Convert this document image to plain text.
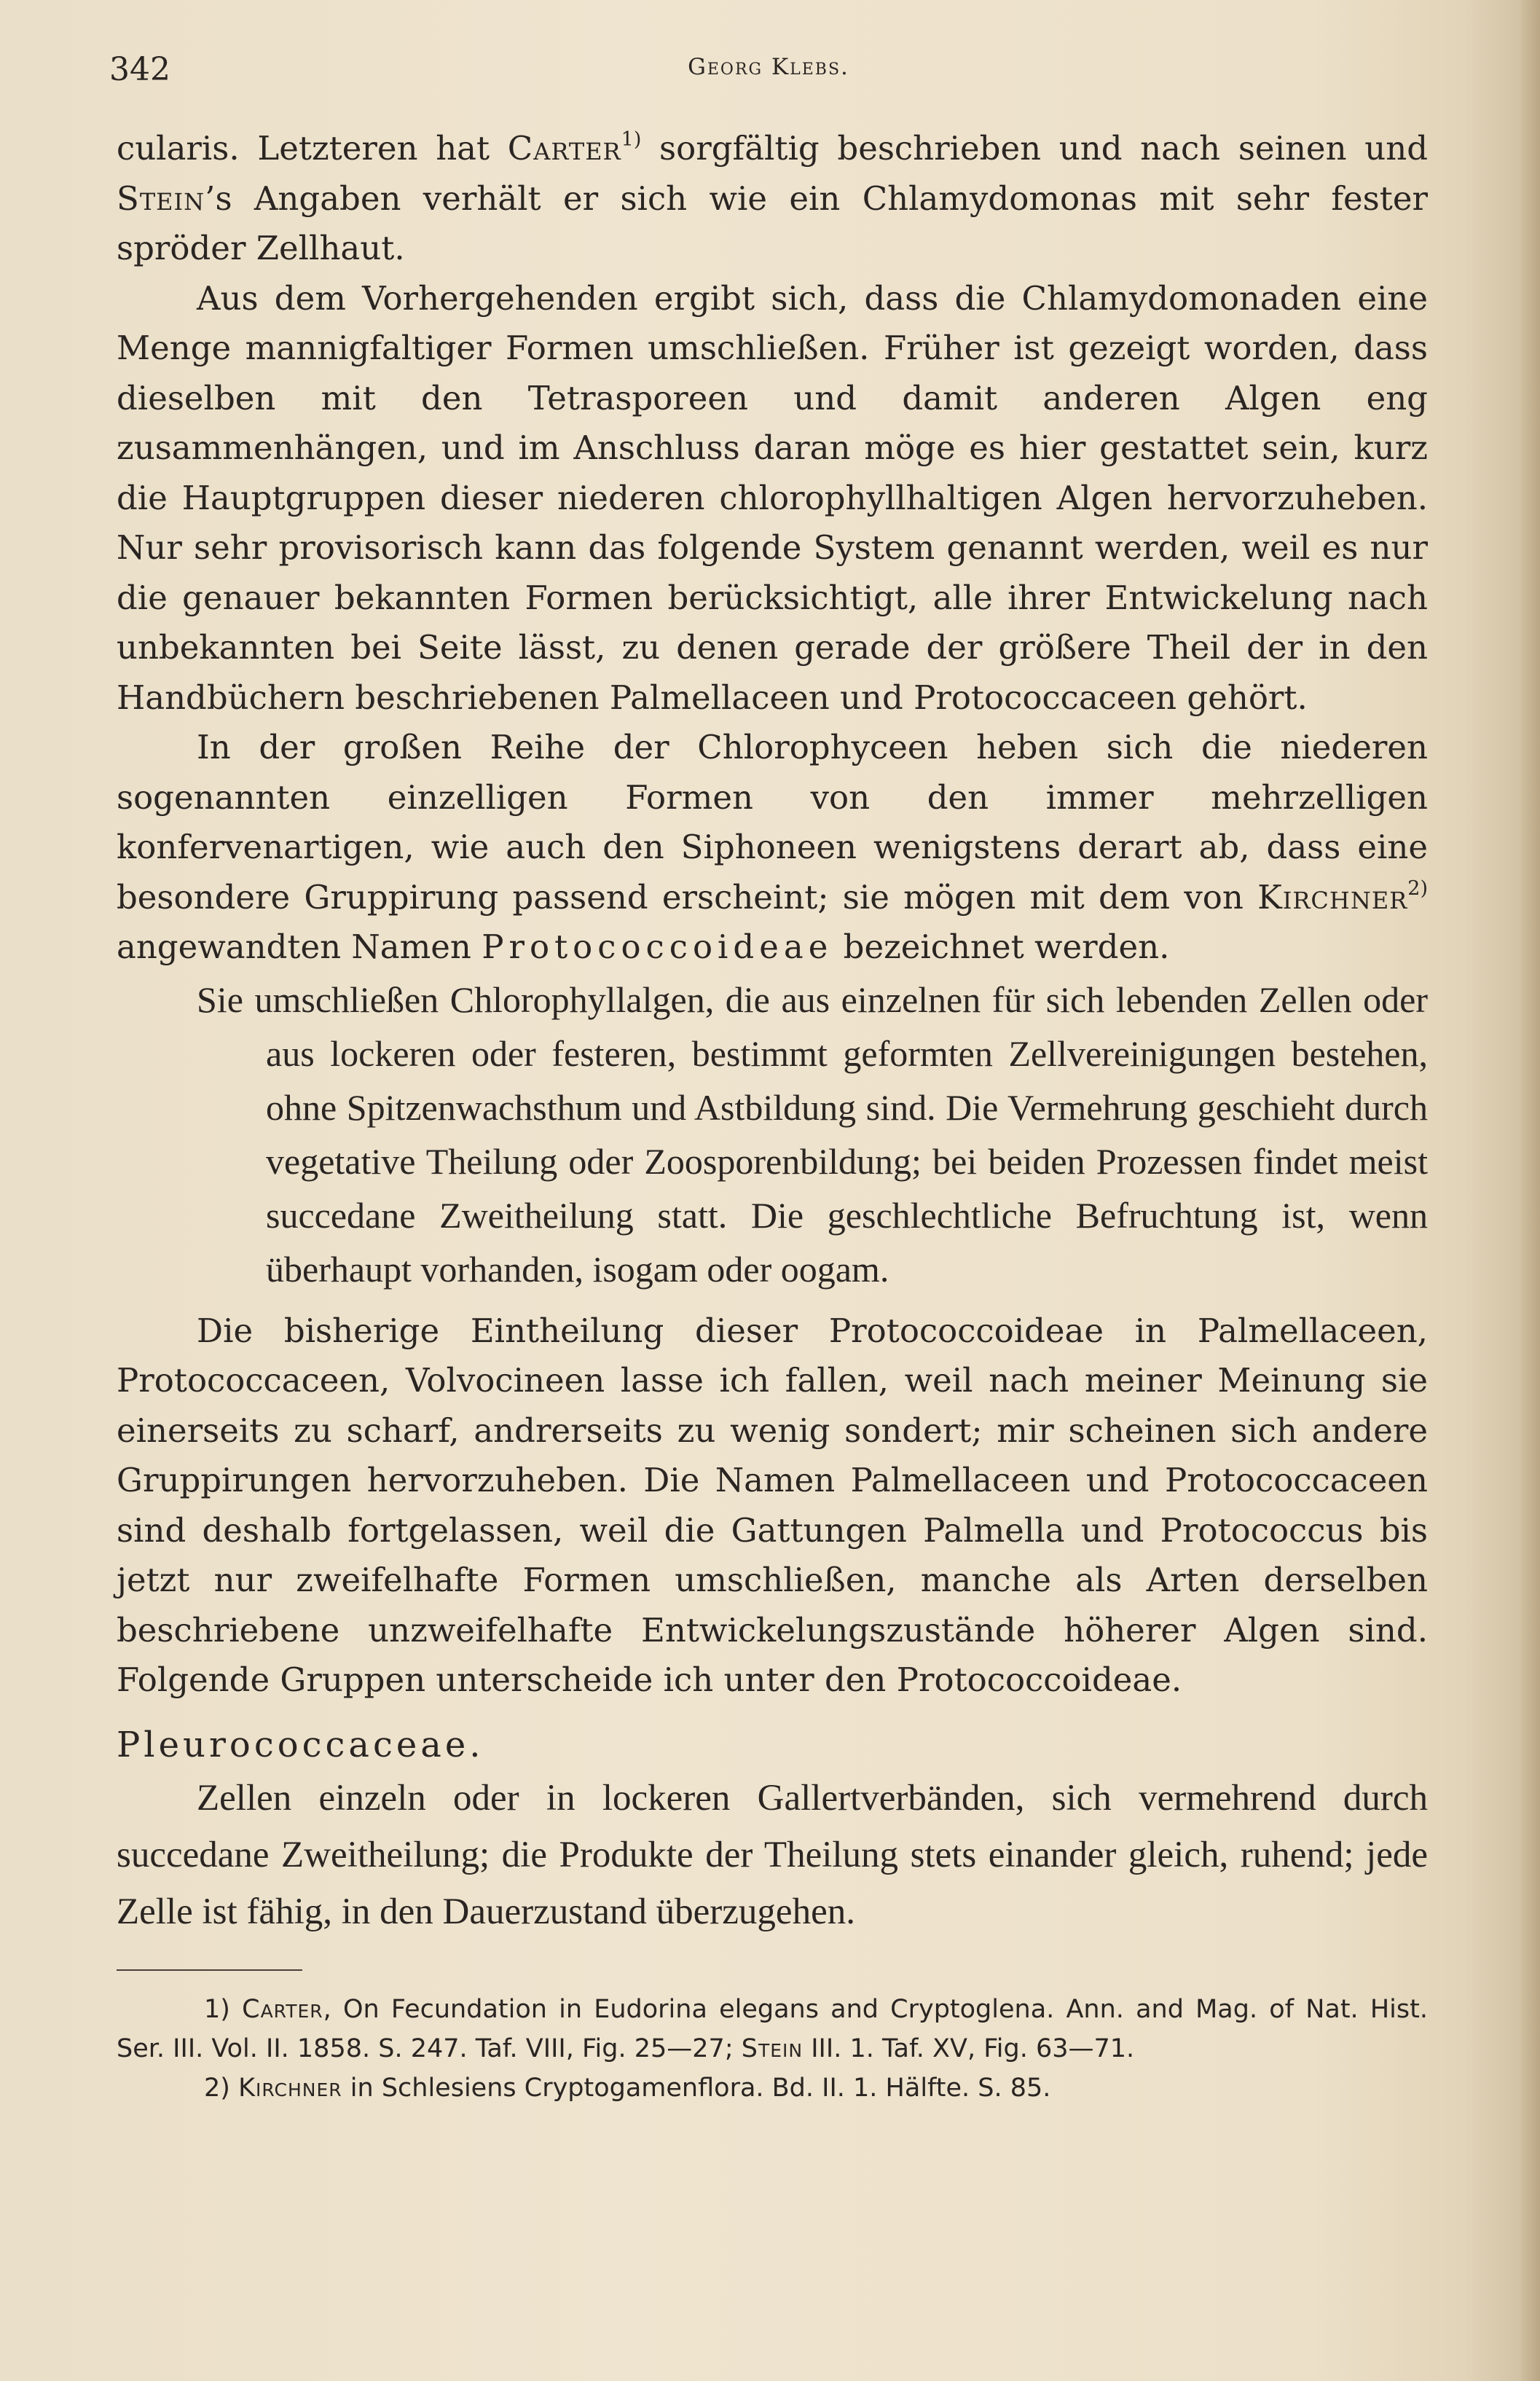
342	Georg Klebs.

cularis. Letzteren hat Carter$^{1)}$ sorgfältig beschrieben und nach seinen und Stein’s Angaben verhält er sich wie ein Chlamydomonas mit sehr fester spröder Zellhaut.

Aus dem Vorhergehenden ergibt sich, dass die Chlamydomonaden eine Menge mannigfaltiger Formen umschließen. Früher ist gezeigt worden, dass dieselben mit den Tetrasporeen und damit anderen Algen eng zusammenhängen, und im Anschluss daran möge es hier gestattet sein, kurz die Hauptgruppen dieser niederen chlorophyllhaltigen Algen hervorzuheben. Nur sehr provisorisch kann das folgende System genannt werden, weil es nur die genauer bekannten Formen berücksichtigt, alle ihrer Entwickelung nach unbekannten bei Seite lässt, zu denen gerade der größere Theil der in den Handbüchern beschriebenen Palmellaceen und Protococcaceen gehört.

In der großen Reihe der Chlorophyceen heben sich die niederen sogenannten einzelligen Formen von den immer mehrzelligen konfervenartigen, wie auch den Siphoneen wenigstens derart ab, dass eine besondere Gruppirung passend erscheint; sie mögen mit dem von Kirchner$^{2)}$ angewandten Namen Protococcoideae bezeichnet werden.

Sie umschließen Chlorophyllalgen, die aus einzelnen für sich lebenden Zellen oder aus lockeren oder festeren, bestimmt geformten Zellvereinigungen bestehen, ohne Spitzenwachsthum und Astbildung sind. Die Vermehrung geschieht durch vegetative Theilung oder Zoosporenbildung; bei beiden Prozessen findet meist succedane Zweitheilung statt. Die geschlechtliche Befruchtung ist, wenn überhaupt vorhanden, isogam oder oogam.

Die bisherige Eintheilung dieser Protococcoideae in Palmellaceen, Protococcaceen, Volvocineen lasse ich fallen, weil nach meiner Meinung sie einerseits zu scharf, andrerseits zu wenig sondert; mir scheinen sich andere Gruppirungen hervorzuheben. Die Namen Palmellaceen und Protococcaceen sind deshalb fortgelassen, weil die Gattungen Palmella und Protococcus bis jetzt nur zweifelhafte Formen umschließen, manche als Arten derselben beschriebene unzweifelhafte Entwickelungszustände höherer Algen sind. Folgende Gruppen unterscheide ich unter den Protococcoideae.

Pleurococcaceae.

Zellen einzeln oder in lockeren Gallertverbänden, sich vermehrend durch succedane Zweitheilung; die Produkte der Theilung stets einander gleich, ruhend; jede Zelle ist fähig, in den Dauerzustand überzugehen.

1) Carter, On Fecundation in Eudorina elegans and Cryptoglena. Ann. and Mag. of Nat. Hist. Ser. III. Vol. II. 1858. S. 247. Taf. VIII, Fig. 25—27; Stein III. 1. Taf. XV, Fig. 63—71.

2) Kirchner in Schlesiens Cryptogamenflora. Bd. II. 1. Hälfte. S. 85.
